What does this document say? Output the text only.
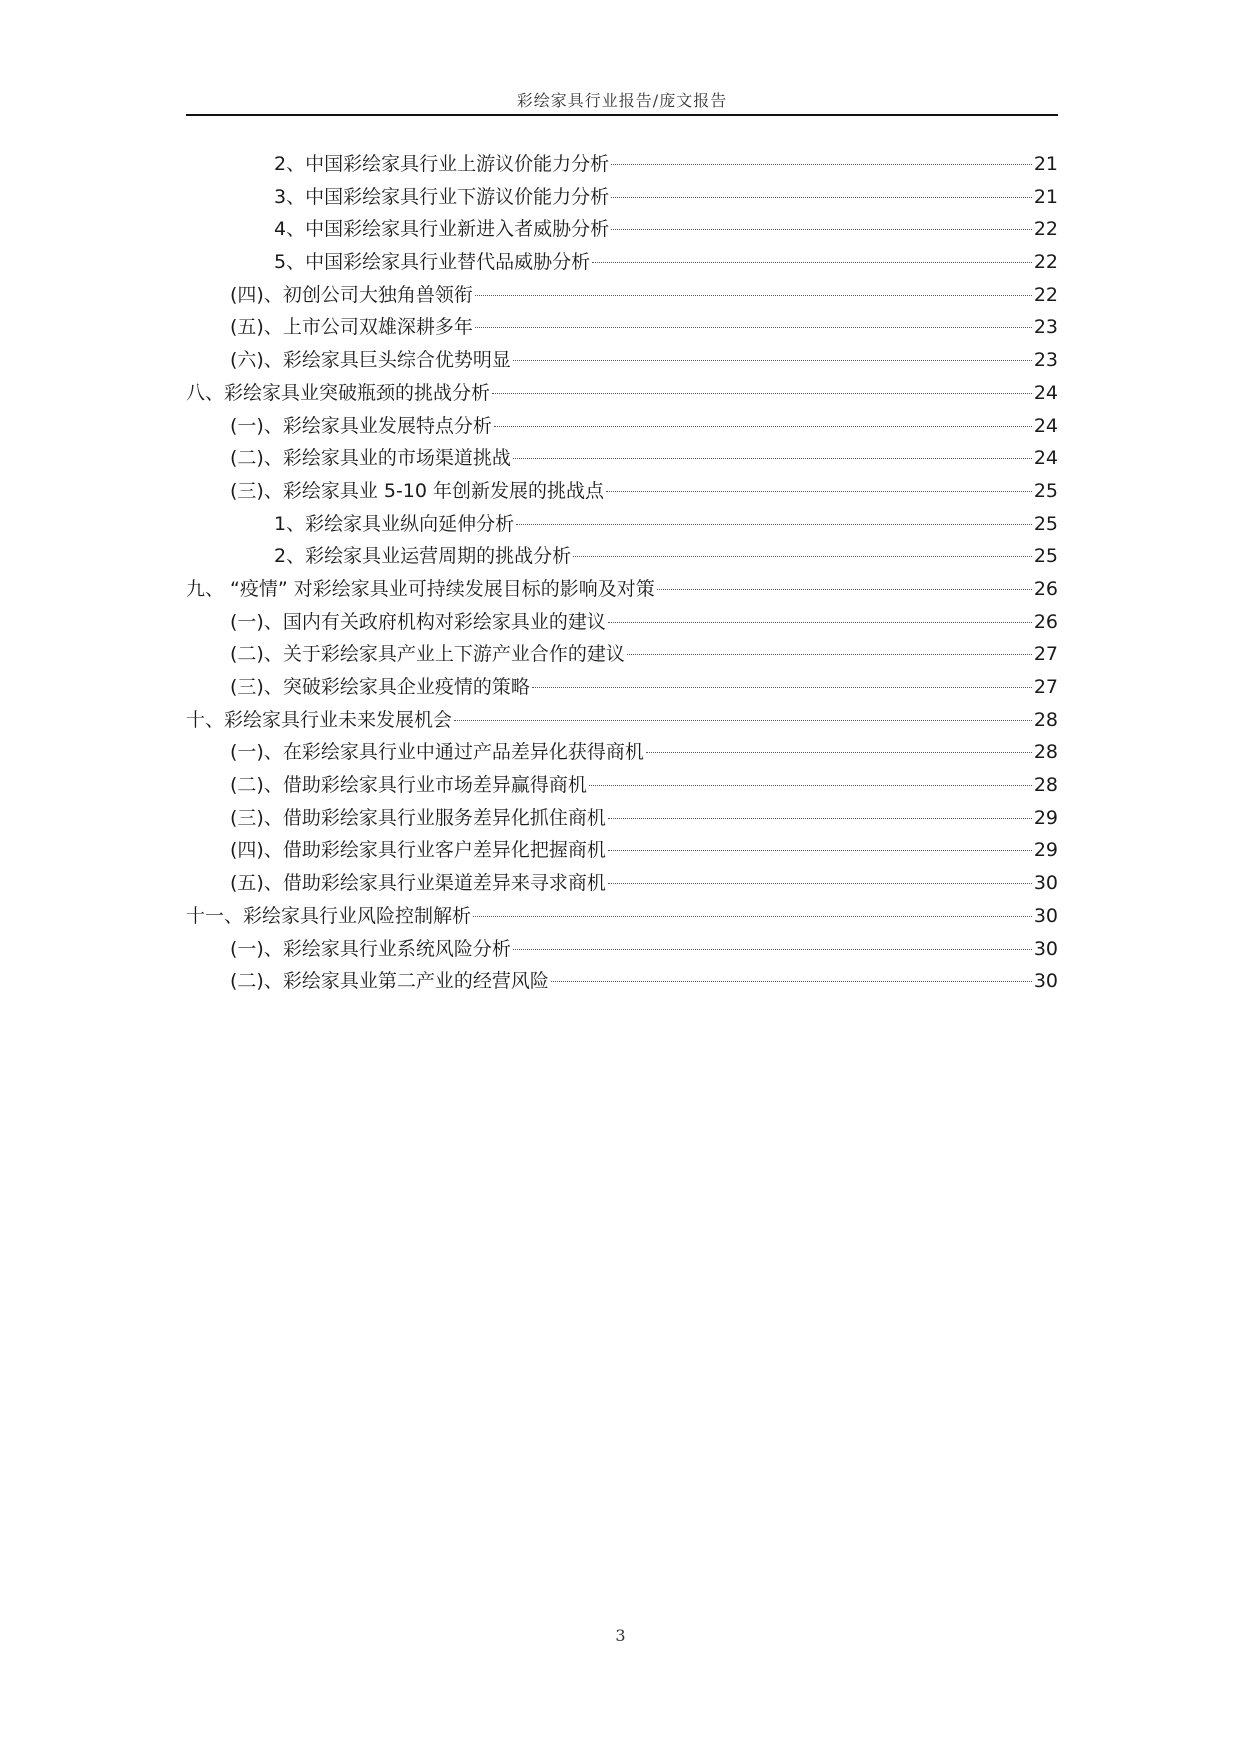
彩绘家具行业报告/庞文报告
2、中国彩绘家具行业上游议价能力分析	21
3、中国彩绘家具行业下游议价能力分析	21
4、中国彩绘家具行业新进入者威胁分析	22
5、中国彩绘家具行业替代品威胁分析	22
(四)、初创公司大独角兽领衔	22
(五)、上市公司双雄深耕多年	23
(六)、彩绘家具巨头综合优势明显	23
八、彩绘家具业突破瓶颈的挑战分析	24
(一)、彩绘家具业发展特点分析	24
(二)、彩绘家具业的市场渠道挑战	24
(三)、彩绘家具业 5-10 年创新发展的挑战点	25
1、彩绘家具业纵向延伸分析	25
2、彩绘家具业运营周期的挑战分析	25
九、 “疫情” 对彩绘家具业可持续发展目标的影响及对策	26
(一)、国内有关政府机构对彩绘家具业的建议	26
(二)、关于彩绘家具产业上下游产业合作的建议	27
(三)、突破彩绘家具企业疫情的策略	27
十、彩绘家具行业未来发展机会	28
(一)、在彩绘家具行业中通过产品差异化获得商机	28
(二)、借助彩绘家具行业市场差异赢得商机	28
(三)、借助彩绘家具行业服务差异化抓住商机	29
(四)、借助彩绘家具行业客户差异化把握商机	29
(五)、借助彩绘家具行业渠道差异来寻求商机	30
十一、彩绘家具行业风险控制解析	30
(一)、彩绘家具行业系统风险分析	30
(二)、彩绘家具业第二产业的经营风险	30
3
